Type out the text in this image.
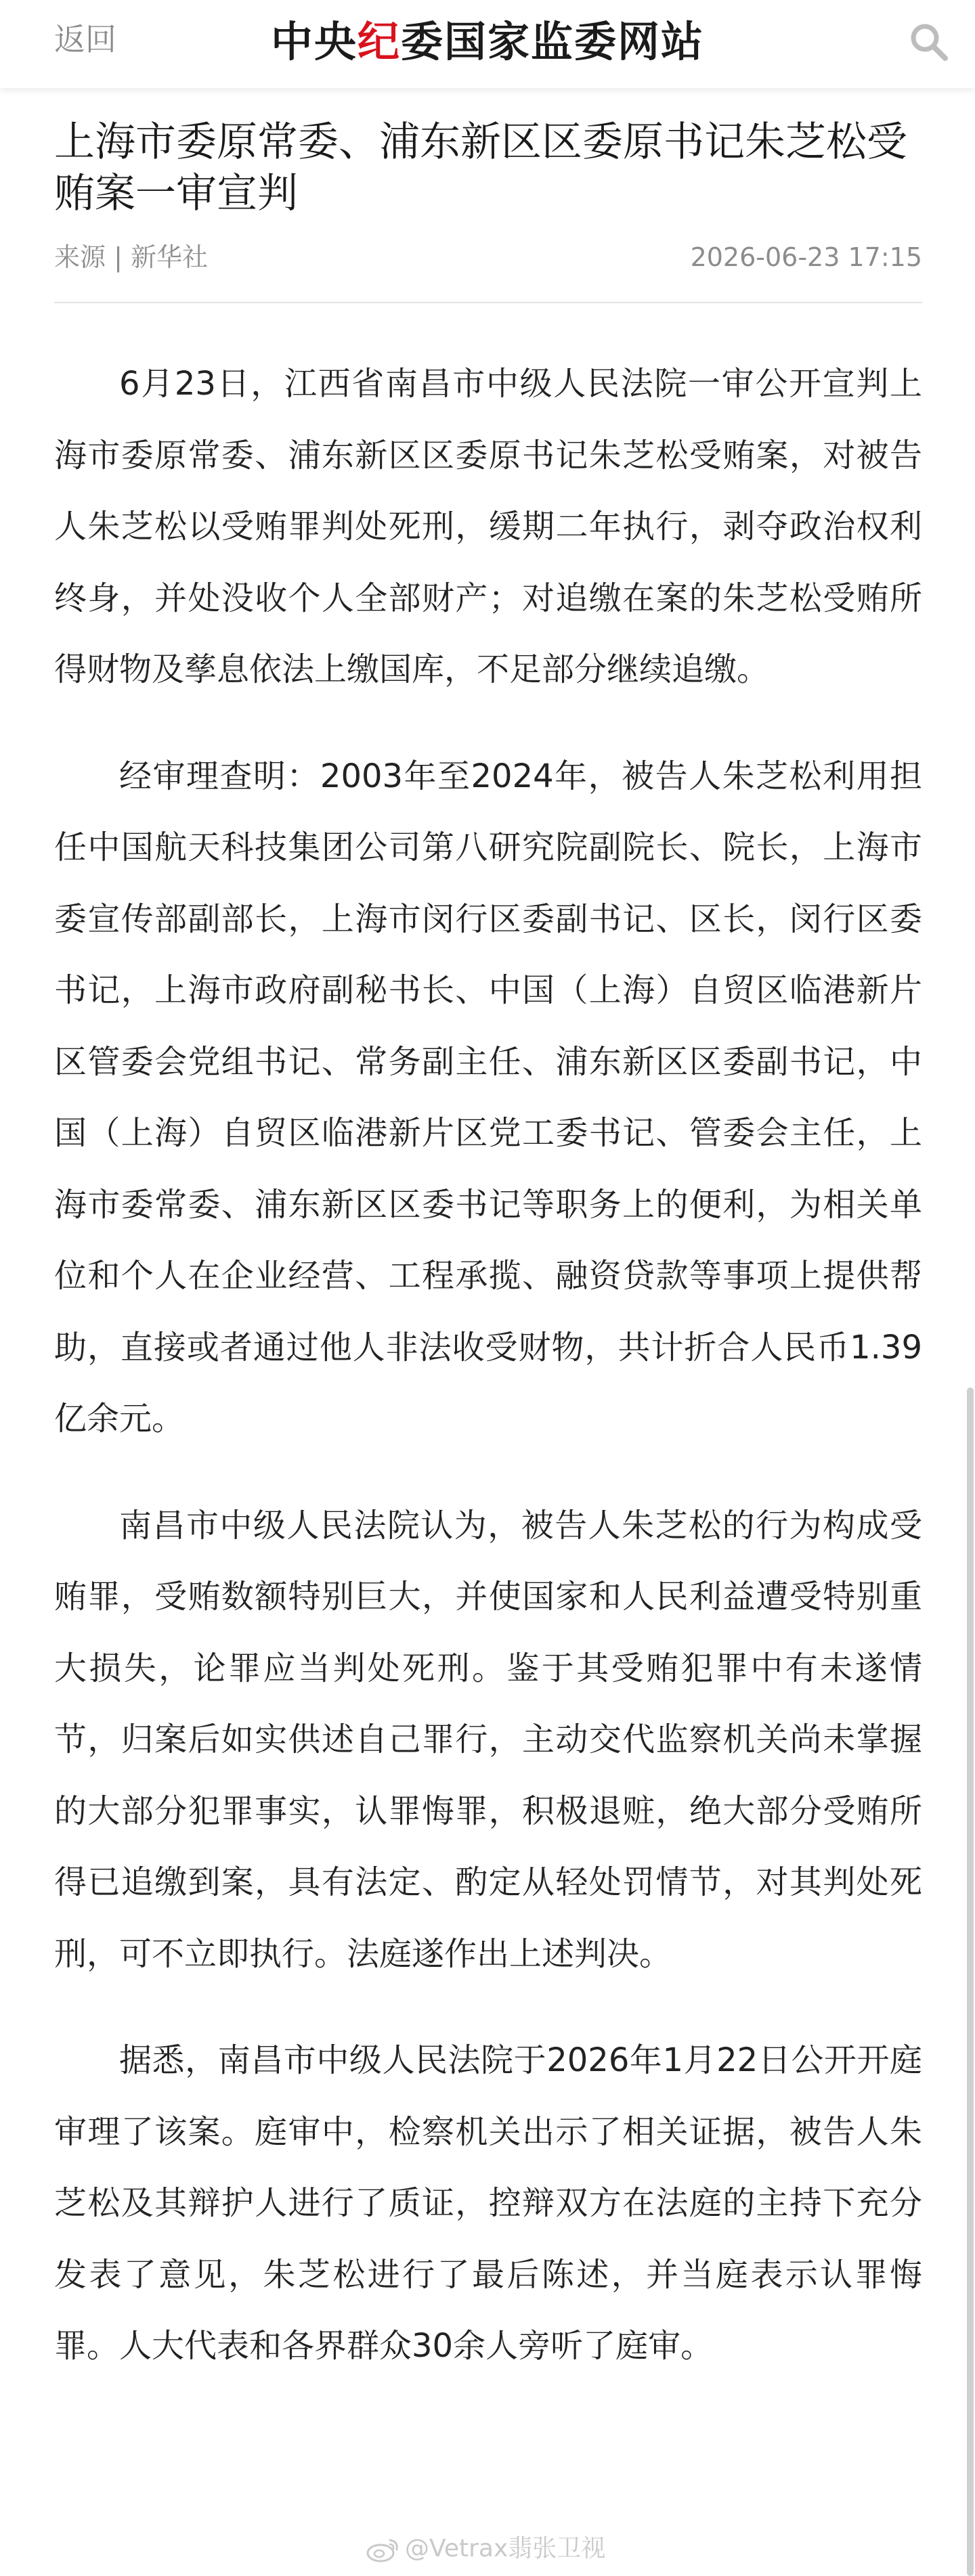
返回	中央纪委国家监委网站
上海市委原常委、浦东新区区委原书记朱芝松受贿案一审宣判
来源 | 新华社	2026-06-23 17:15

6月23日，江西省南昌市中级人民法院一审公开宣判上海市委原常委、浦东新区区委原书记朱芝松受贿案，对被告人朱芝松以受贿罪判处死刑，缓期二年执行，剥夺政治权利终身，并处没收个人全部财产；对追缴在案的朱芝松受贿所得财物及孳息依法上缴国库，不足部分继续追缴。

经审理查明：2003年至2024年，被告人朱芝松利用担任中国航天科技集团公司第八研究院副院长、院长，上海市委宣传部副部长，上海市闵行区委副书记、区长，闵行区委书记，上海市政府副秘书长、中国（上海）自贸区临港新片区管委会党组书记、常务副主任、浦东新区区委副书记，中国（上海）自贸区临港新片区党工委书记、管委会主任，上海市委常委、浦东新区区委书记等职务上的便利，为相关单位和个人在企业经营、工程承揽、融资贷款等事项上提供帮助，直接或者通过他人非法收受财物，共计折合人民币1.39亿余元。

南昌市中级人民法院认为，被告人朱芝松的行为构成受贿罪，受贿数额特别巨大，并使国家和人民利益遭受特别重大损失，论罪应当判处死刑。鉴于其受贿犯罪中有未遂情节，归案后如实供述自己罪行，主动交代监察机关尚未掌握的大部分犯罪事实，认罪悔罪，积极退赃，绝大部分受贿所得已追缴到案，具有法定、酌定从轻处罚情节，对其判处死刑，可不立即执行。法庭遂作出上述判决。

据悉，南昌市中级人民法院于2026年1月22日公开开庭审理了该案。庭审中，检察机关出示了相关证据，被告人朱芝松及其辩护人进行了质证，控辩双方在法庭的主持下充分发表了意见，朱芝松进行了最后陈述，并当庭表示认罪悔罪。人大代表和各界群众30余人旁听了庭审。

@Vetrax翡张卫视
